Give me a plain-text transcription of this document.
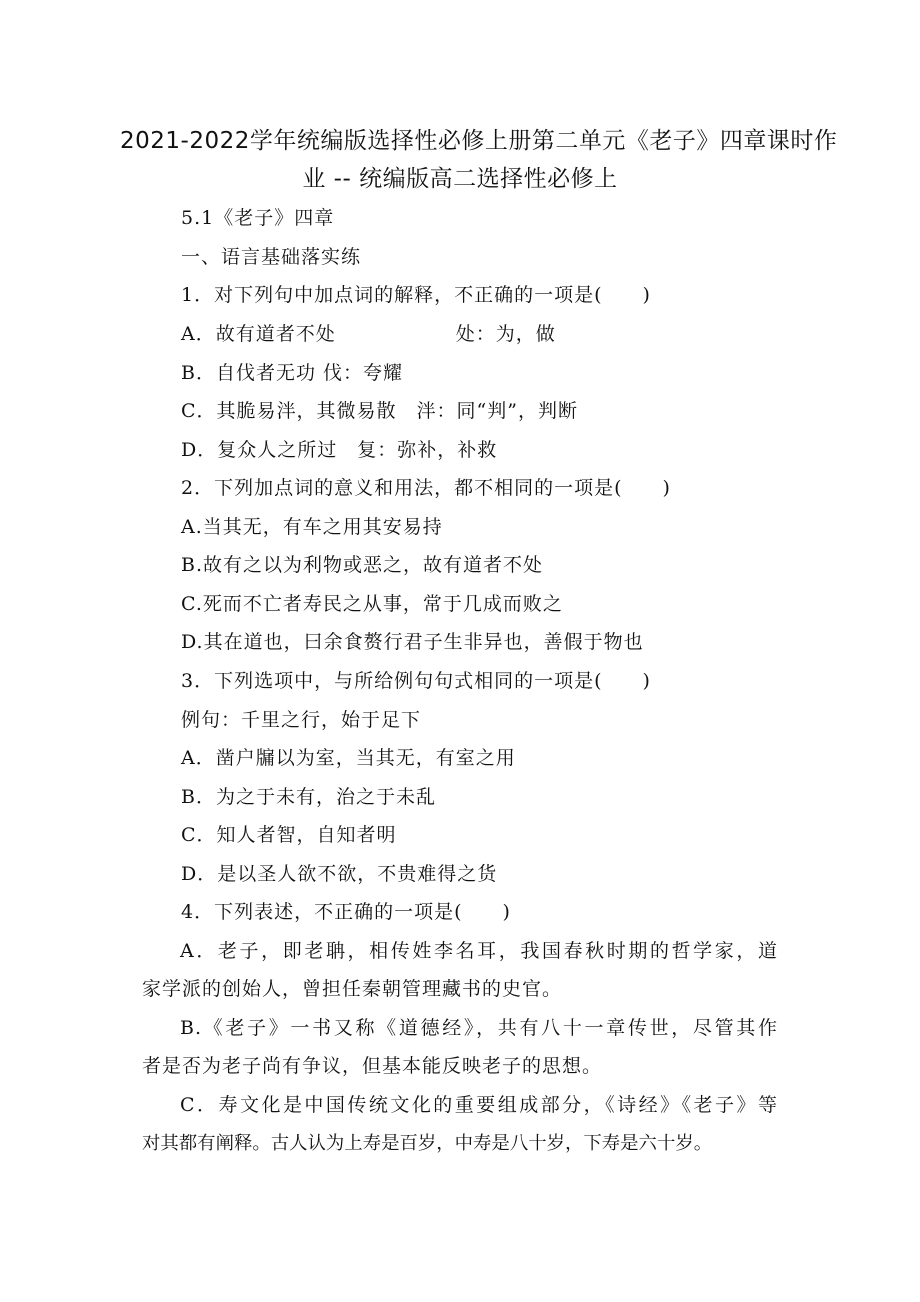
2021-2022学年统编版选择性必修上册第二单元《老子》四章课时作
业 -- 统编版高二选择性必修上
5.1《老子》四章
一、语言基础落实练
1．对下列句中加点词的解释，不正确的一项是(　　)
A．故有道者不处　　　　　　处：为，做
B．自伐者无功 伐：夸耀
C．其脆易泮，其微易散　泮：同“判”，判断
D．复众人之所过　复：弥补，补救
2．下列加点词的意义和用法，都不相同的一项是(　　)
A.当其无，有车之用其安易持
B.故有之以为利物或恶之，故有道者不处
C.死而不亡者寿民之从事，常于几成而败之
D.其在道也，曰余食赘行君子生非异也，善假于物也
3．下列选项中，与所给例句句式相同的一项是(　　)
例句：千里之行，始于足下
A．凿户牖以为室，当其无，有室之用
B．为之于未有，治之于未乱
C．知人者智，自知者明
D．是以圣人欲不欲，不贵难得之货
4．下列表述，不正确的一项是(　　)
A．老子，即老聃，相传姓李名耳，我国春秋时期的哲学家，道
家学派的创始人，曾担任秦朝管理藏书的史官。
B.《老子》一书又称《道德经》，共有八十一章传世，尽管其作
者是否为老子尚有争议，但基本能反映老子的思想。
C．寿文化是中国传统文化的重要组成部分，《诗经》《老子》等
对其都有阐释。古人认为上寿是百岁，中寿是八十岁，下寿是六十岁。
